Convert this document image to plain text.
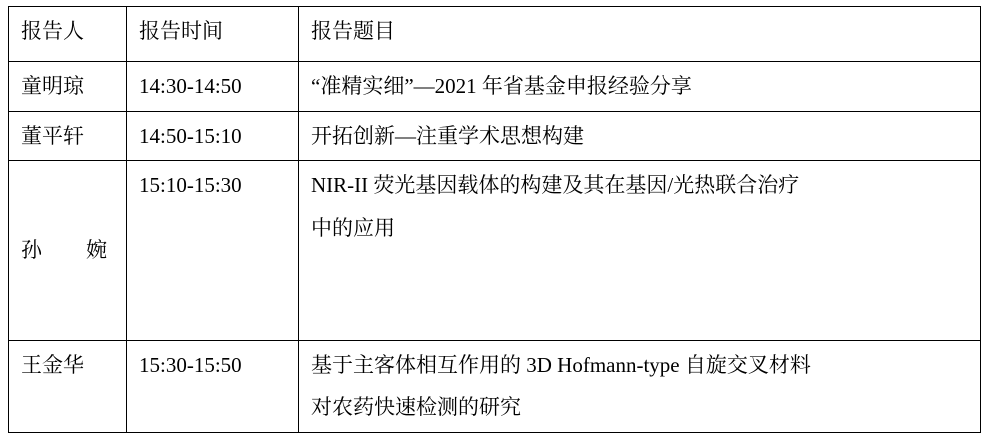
报告人	报告时间	报告题目
童明琼	14:30-14:50	“准精实细”—2021 年省基金申报经验分享
董平轩	14:50-15:10	开拓创新—注重学术思想构建

孙 婉	15:10-15:30	NIR-II 荧光基因载体的构建及其在基因/光热联合治疗
中的应用

王金华	15:30-15:50	基于主客体相互作用的 3D Hofmann-type 自旋交叉材料
对农药快速检测的研究
